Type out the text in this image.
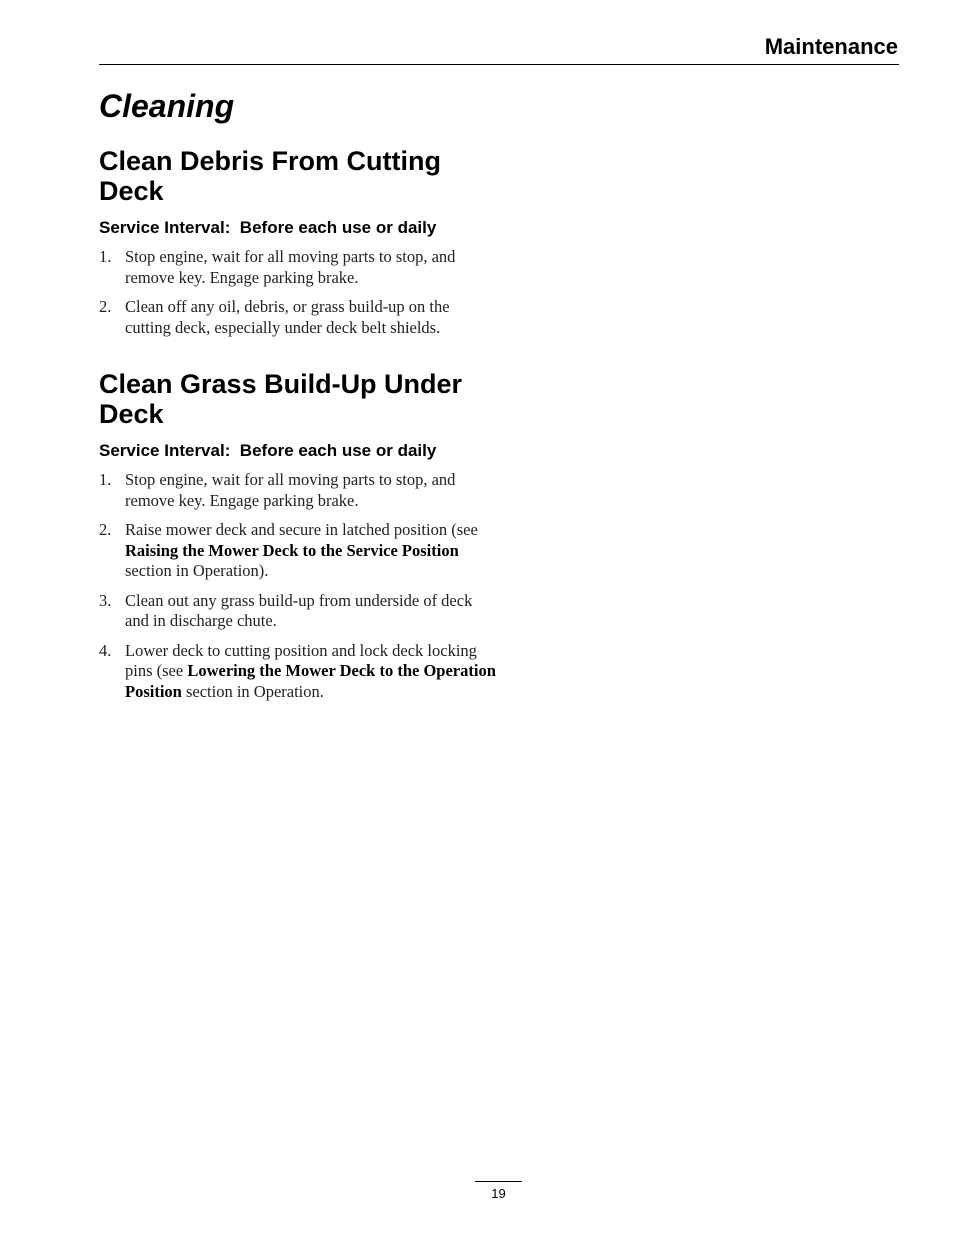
Maintenance
Cleaning
Clean Debris From Cutting Deck
Service Interval:  Before each use or daily
1. Stop engine, wait for all moving parts to stop, and remove key. Engage parking brake.
2. Clean off any oil, debris, or grass build-up on the cutting deck, especially under deck belt shields.
Clean Grass Build-Up Under Deck
Service Interval:  Before each use or daily
1. Stop engine, wait for all moving parts to stop, and remove key. Engage parking brake.
2. Raise mower deck and secure in latched position (see Raising the Mower Deck to the Service Position section in Operation).
3. Clean out any grass build-up from underside of deck and in discharge chute.
4. Lower deck to cutting position and lock deck locking pins (see Lowering the Mower Deck to the Operation Position section in Operation.
19
